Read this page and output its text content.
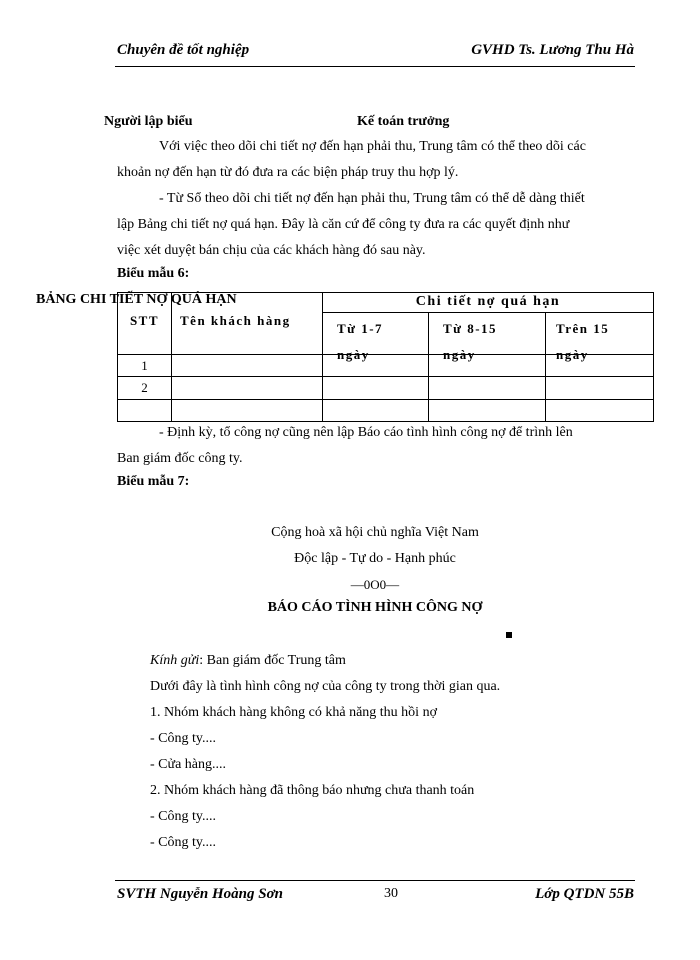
Chuyên đề tốt nghiệp	GVHD Ts. Lương Thu Hà
Người lập biểu	Kế toán trưởng
Với việc theo dõi chi tiết nợ đến hạn phải thu, Trung tâm có thể theo dõi các
khoản nợ đến hạn từ đó đưa ra các biện pháp truy thu hợp lý.
- Từ Sổ theo dõi chi tiết nợ đến hạn phải thu, Trung tâm có thể dễ dàng thiết
lập Bảng chi tiết nợ quá hạn. Đây là căn cứ để công ty đưa ra các quyết định như
việc xét duyệt bán chịu của các khách hàng đó sau này.
Biểu mẫu 6:
STT	Tên khách hàng	Chi tiết nợ quá hạn		

		Từ 1-7 ngày	Từ 8-15 ngày	Trên 15 ngày

1				
2				

BẢNG CHI TIẾT NỢ QUÁ HẠN
- Định kỳ, tổ công nợ cũng nên lập Báo cáo tình hình công nợ để trình lên
Ban giám đốc công ty.
Biểu mẫu 7:
Cộng hoà xã hội chủ nghĩa Việt Nam
Độc lập - Tự do - Hạnh phúc
—0O0—
BÁO CÁO TÌNH HÌNH CÔNG NỢ
Kính gửi: Ban giám đốc Trung tâm
Dưới đây là tình hình công nợ của công ty trong thời gian qua.
1. Nhóm khách hàng không có khả năng thu hồi nợ
- Công ty....
- Cửa hàng....
2. Nhóm khách hàng đã thông báo nhưng chưa thanh toán
- Công ty....
- Công ty....
SVTH Nguyễn Hoàng Sơn	30	Lớp QTDN 55B
